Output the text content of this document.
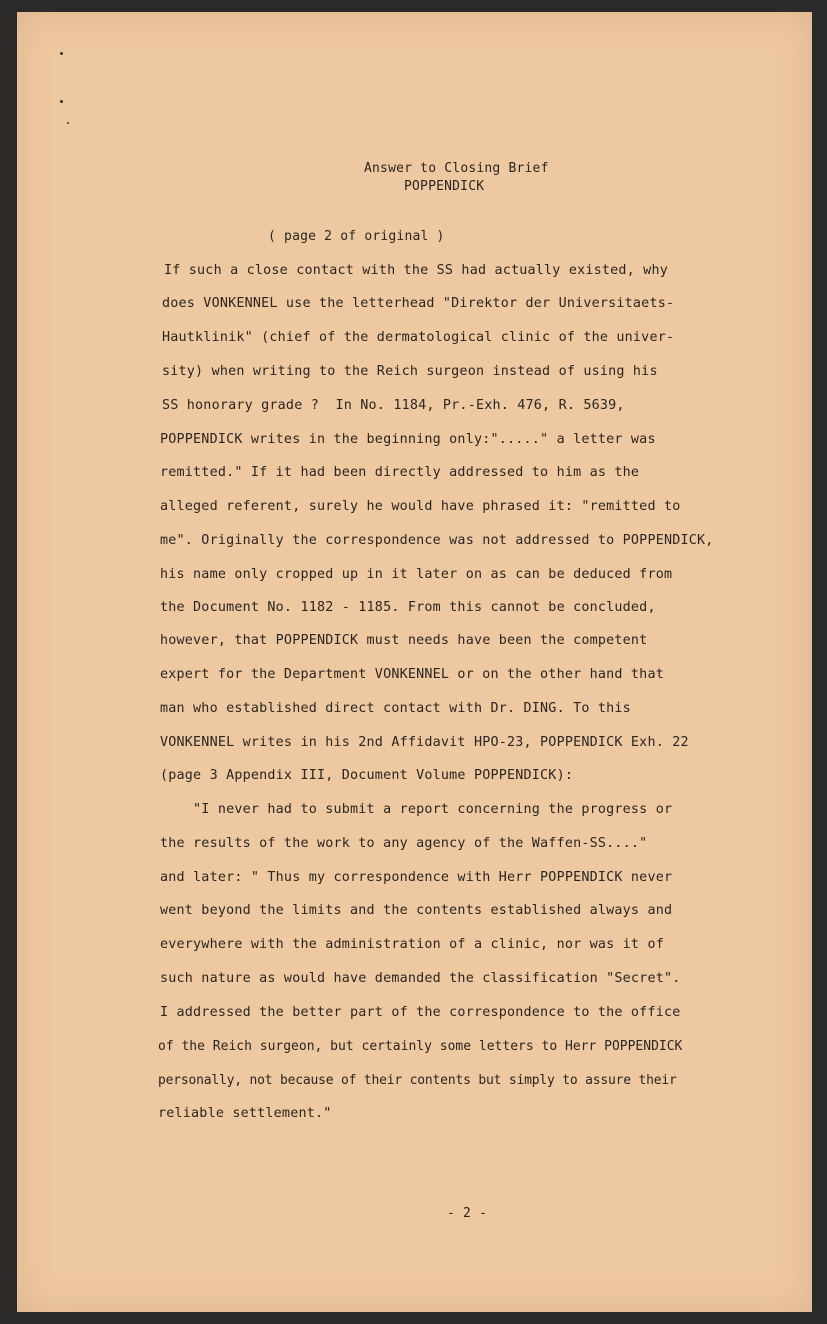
Answer to Closing Brief
POPPENDICK
( page 2 of original )
If such a close contact with the SS had actually existed, why
does VONKENNEL use the letterhead "Direktor der Universitaets-
Hautklinik" (chief of the dermatological clinic of the univer-
sity) when writing to the Reich surgeon instead of using his
SS honorary grade ?  In No. 1184, Pr.-Exh. 476, R. 5639,
POPPENDICK writes in the beginning only:"....." a letter was
remitted." If it had been directly addressed to him as the
alleged referent, surely he would have phrased it: "remitted to
me". Originally the correspondence was not addressed to POPPENDICK,
his name only cropped up in it later on as can be deduced from
the Document No. 1182 - 1185. From this cannot be concluded,
however, that POPPENDICK must needs have been the competent
expert for the Department VONKENNEL or on the other hand that
man who established direct contact with Dr. DING. To this
VONKENNEL writes in his 2nd Affidavit HPO-23, POPPENDICK Exh. 22
(page 3 Appendix III, Document Volume POPPENDICK):
"I never had to submit a report concerning the progress or
the results of the work to any agency of the Waffen-SS...."
and later: " Thus my correspondence with Herr POPPENDICK never
went beyond the limits and the contents established always and
everywhere with the administration of a clinic, nor was it of
such nature as would have demanded the classification "Secret".
I addressed the better part of the correspondence to the office
of the Reich surgeon, but certainly some letters to Herr POPPENDICK
personally, not because of their contents but simply to assure their
reliable settlement."
- 2 -
